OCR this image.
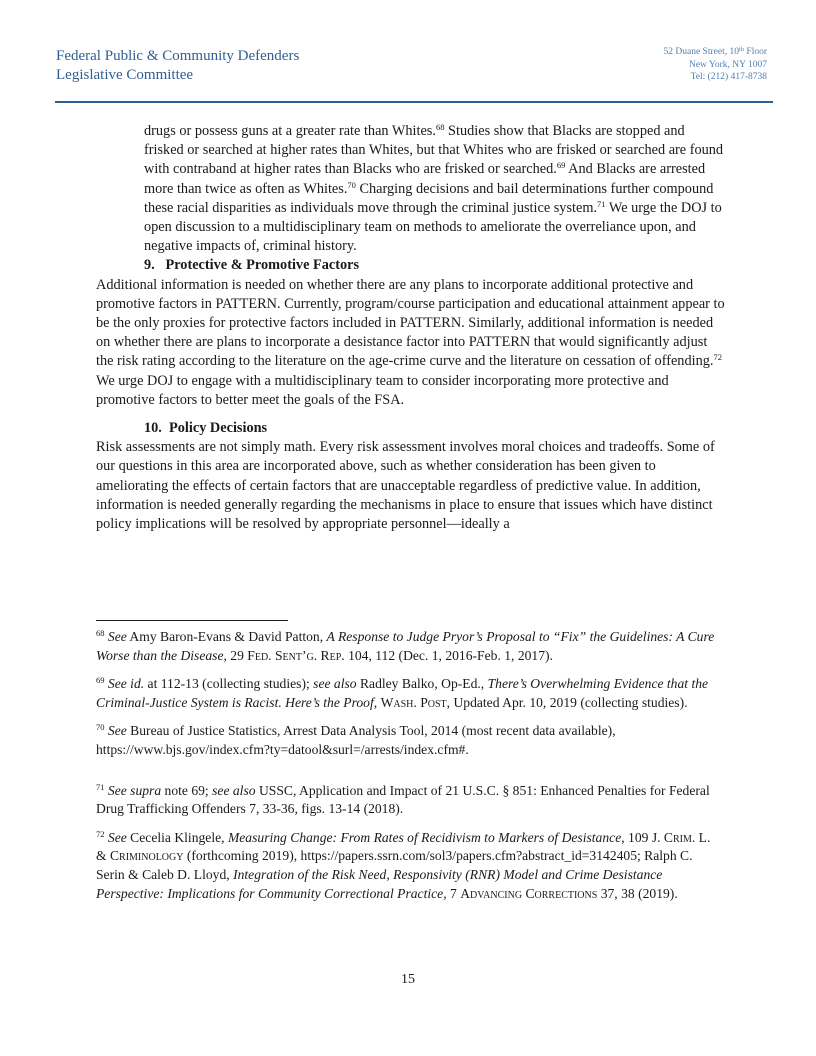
Federal Public & Community Defenders
Legislative Committee
52 Duane Street, 10th Floor
New York, NY 1007
Tel: (212) 417-8738

drugs or possess guns at a greater rate than Whites.$^{68}$ Studies show that Blacks are stopped and frisked or searched at higher rates than Whites, but that Whites who are frisked or searched are found with contraband at higher rates than Blacks who are frisked or searched.$^{69}$ And Blacks are arrested more than twice as often as Whites.$^{70}$ Charging decisions and bail determinations further compound these racial disparities as individuals move through the criminal justice system.$^{71}$ We urge the DOJ to open discussion to a multidisciplinary team on methods to ameliorate the overreliance upon, and negative impacts of, criminal history.

9. Protective & Promotive Factors

Additional information is needed on whether there are any plans to incorporate additional protective and promotive factors in PATTERN. Currently, program/course participation and educational attainment appear to be the only proxies for protective factors included in PATTERN. Similarly, additional information is needed on whether there are plans to incorporate a desistance factor into PATTERN that would significantly adjust the risk rating according to the literature on the age-crime curve and the literature on cessation of offending.$^{72}$ We urge DOJ to engage with a multidisciplinary team to consider incorporating more protective and promotive factors to better meet the goals of the FSA.

10. Policy Decisions

Risk assessments are not simply math. Every risk assessment involves moral choices and tradeoffs. Some of our questions in this area are incorporated above, such as whether consideration has been given to ameliorating the effects of certain factors that are unacceptable regardless of predictive value. In addition, information is needed generally regarding the mechanisms in place to ensure that issues which have distinct policy implications will be resolved by appropriate personnel—ideally a

$^{68}$ See Amy Baron-Evans & David Patton, A Response to Judge Pryor’s Proposal to “Fix” the Guidelines: A Cure Worse than the Disease, 29 Fed. Sent’g. Rep. 104, 112 (Dec. 1, 2016-Feb. 1, 2017).

$^{69}$ See id. at 112-13 (collecting studies); see also Radley Balko, Op-Ed., There’s Overwhelming Evidence that the Criminal-Justice System is Racist. Here’s the Proof, Wash. Post, Updated Apr. 10, 2019 (collecting studies).

$^{70}$ See Bureau of Justice Statistics, Arrest Data Analysis Tool, 2014 (most recent data available), https://www.bjs.gov/index.cfm?ty=datool&surl=/arrests/index.cfm#.

$^{71}$ See supra note 69; see also USSC, Application and Impact of 21 U.S.C. § 851: Enhanced Penalties for Federal Drug Trafficking Offenders 7, 33-36, figs. 13-14 (2018).

$^{72}$ See Cecelia Klingele, Measuring Change: From Rates of Recidivism to Markers of Desistance, 109 J. Crim. L. & Criminology (forthcoming 2019), https://papers.ssrn.com/sol3/papers.cfm?abstract_id=3142405; Ralph C. Serin & Caleb D. Lloyd, Integration of the Risk Need, Responsivity (RNR) Model and Crime Desistance Perspective: Implications for Community Correctional Practice, 7 Advancing Corrections 37, 38 (2019).

15
